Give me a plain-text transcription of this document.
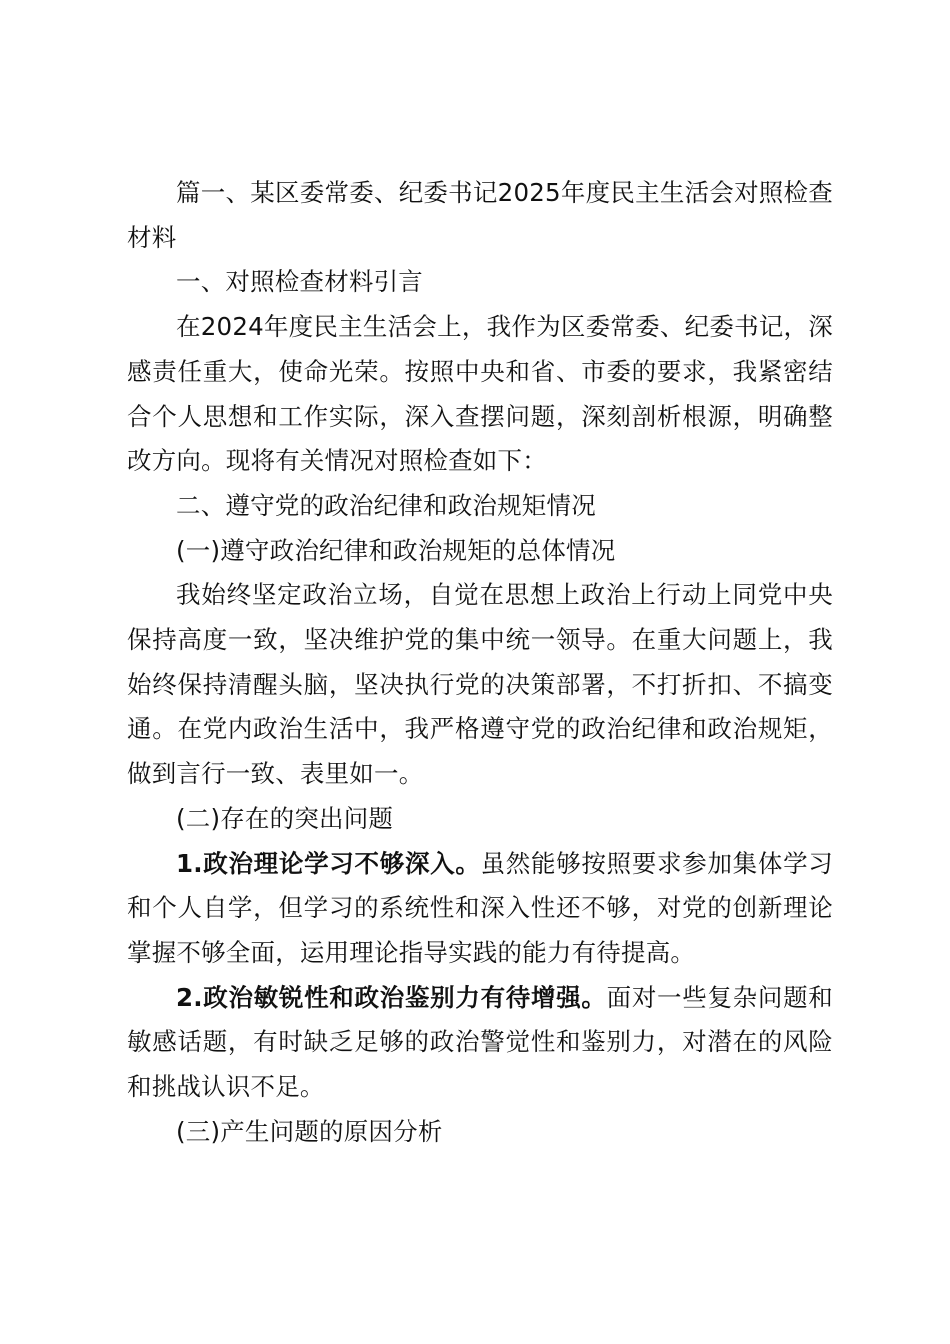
篇一、某区委常委、纪委书记2025年度民主生活会对照检查材料

一、对照检查材料引言

在2024年度民主生活会上，我作为区委常委、纪委书记，深感责任重大，使命光荣。按照中央和省、市委的要求，我紧密结合个人思想和工作实际，深入查摆问题，深刻剖析根源，明确整改方向。现将有关情况对照检查如下：

二、遵守党的政治纪律和政治规矩情况

(一)遵守政治纪律和政治规矩的总体情况

我始终坚定政治立场，自觉在思想上政治上行动上同党中央保持高度一致，坚决维护党的集中统一领导。在重大问题上，我始终保持清醒头脑，坚决执行党的决策部署，不打折扣、不搞变通。在党内政治生活中，我严格遵守党的政治纪律和政治规矩，做到言行一致、表里如一。

(二)存在的突出问题

1.政治理论学习不够深入。虽然能够按照要求参加集体学习和个人自学，但学习的系统性和深入性还不够，对党的创新理论掌握不够全面，运用理论指导实践的能力有待提高。

2.政治敏锐性和政治鉴别力有待增强。面对一些复杂问题和敏感话题，有时缺乏足够的政治警觉性和鉴别力，对潜在的风险和挑战认识不足。

(三)产生问题的原因分析
